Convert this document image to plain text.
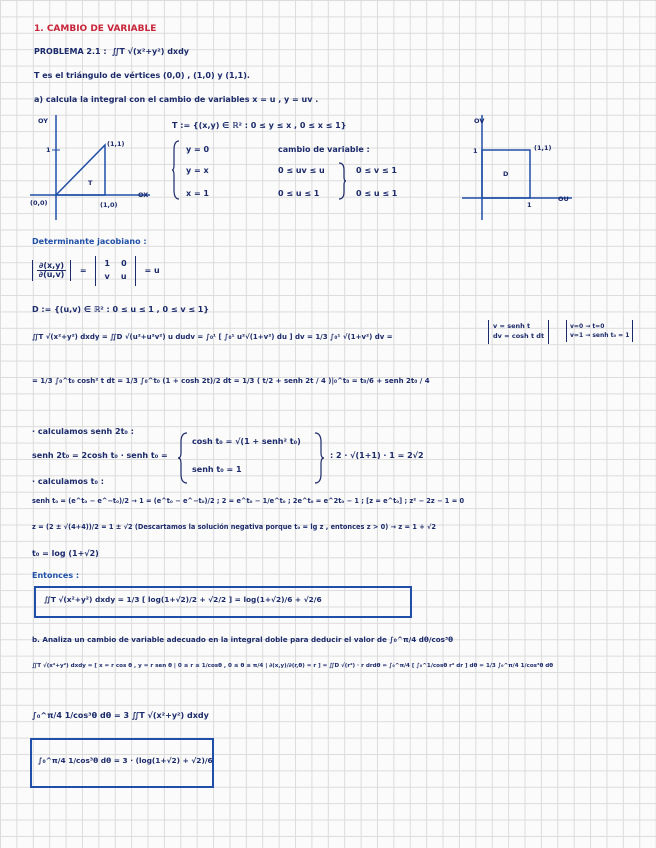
1. CAMBIO DE VARIABLE
PROBLEMA 2.1 : ∬T √(x²+y²) dxdy
T es el triángulo de vértices (0,0) , (1,0) y (1,1).
a) calcula la integral con el cambio de variables x = u , y = uv .
OY
OX
(0,0)
(1,1)
(1,0)
T
1
T := {(x,y) ∈ ℝ² : 0 ≤ y ≤ x , 0 ≤ x ≤ 1}
y = 0
y = x
x = 1
cambio de variable :
0 ≤ uv ≤ u
0 ≤ u ≤ 1
0 ≤ v ≤ 1
0 ≤ u ≤ 1
OV
OU
(1,1)
D
1
1
Determinante jacobiano :
$\frac{\partial(x,y)}{\partial(u,v)} = 1$ 0
v u = u
D := {(u,v) ∈ ℝ² : 0 ≤ u ≤ 1 , 0 ≤ v ≤ 1}
∬T √(x²+y²) dxdy = ∬D √(u²+u²v²) u dudv = ∫₀¹ [ ∫₀¹ u²√(1+v²) du ] dv = 1/3 ∫₀¹ √(1+v²) dv =
v = senh t
dv = cosh t dt
v=0 → t=0
v=1 → senh t₀ = 1
= 1/3 ∫₀^t₀ cosh² t dt = 1/3 ∫₀^t₀ (1 + cosh 2t)/2 dt = 1/3 ( t/2 + senh 2t / 4 )|₀^t₀ = t₀/6 + senh 2t₀ / 4
· calculamos senh 2t₀ :
senh 2t₀ = 2cosh t₀ · senh t₀ =
cosh t₀ = √(1 + senh² t₀)
senh t₀ = 1
: 2 · √(1+1) · 1 = 2√2
· calculamos t₀ :
senh t₀ = (e^t₀ − e^−t₀)/2 → 1 = (e^t₀ − e^−t₀)/2 ; 2 = e^t₀ − 1/e^t₀ ; 2e^t₀ = e^2t₀ − 1 ; [z = e^t₀] ; z² − 2z − 1 = 0
z = (2 ± √(4+4))/2 = 1 ± √2 (Descartamos la solución negativa porque t₀ = lg z , entonces z > 0) → z = 1 + √2
t₀ = log (1+√2)
Entonces :
∬T √(x²+y²) dxdy = 1/3 [ log(1+√2)/2 + √2/2 ] = log(1+√2)/6 + √2/6
b. Analiza un cambio de variable adecuado en la integral doble para deducir el valor de ∫₀^π/4 dθ/cos³θ
∬T √(x²+y²) dxdy = [ x = r cos θ , y = r sen θ | 0 ≤ r ≤ 1/cosθ , 0 ≤ θ ≤ π/4 | ∂(x,y)/∂(r,θ) = r ] = ∬D √(r²) · r drdθ = ∫₀^π/4 [ ∫₀^1/cosθ r² dr ] dθ = 1/3 ∫₀^π/4 1/cos³θ dθ
∫₀^π/4 1/cos³θ dθ = 3 ∬T √(x²+y²) dxdy
∫₀^π/4 1/cos³θ dθ = 3 · (log(1+√2) + √2)/6
